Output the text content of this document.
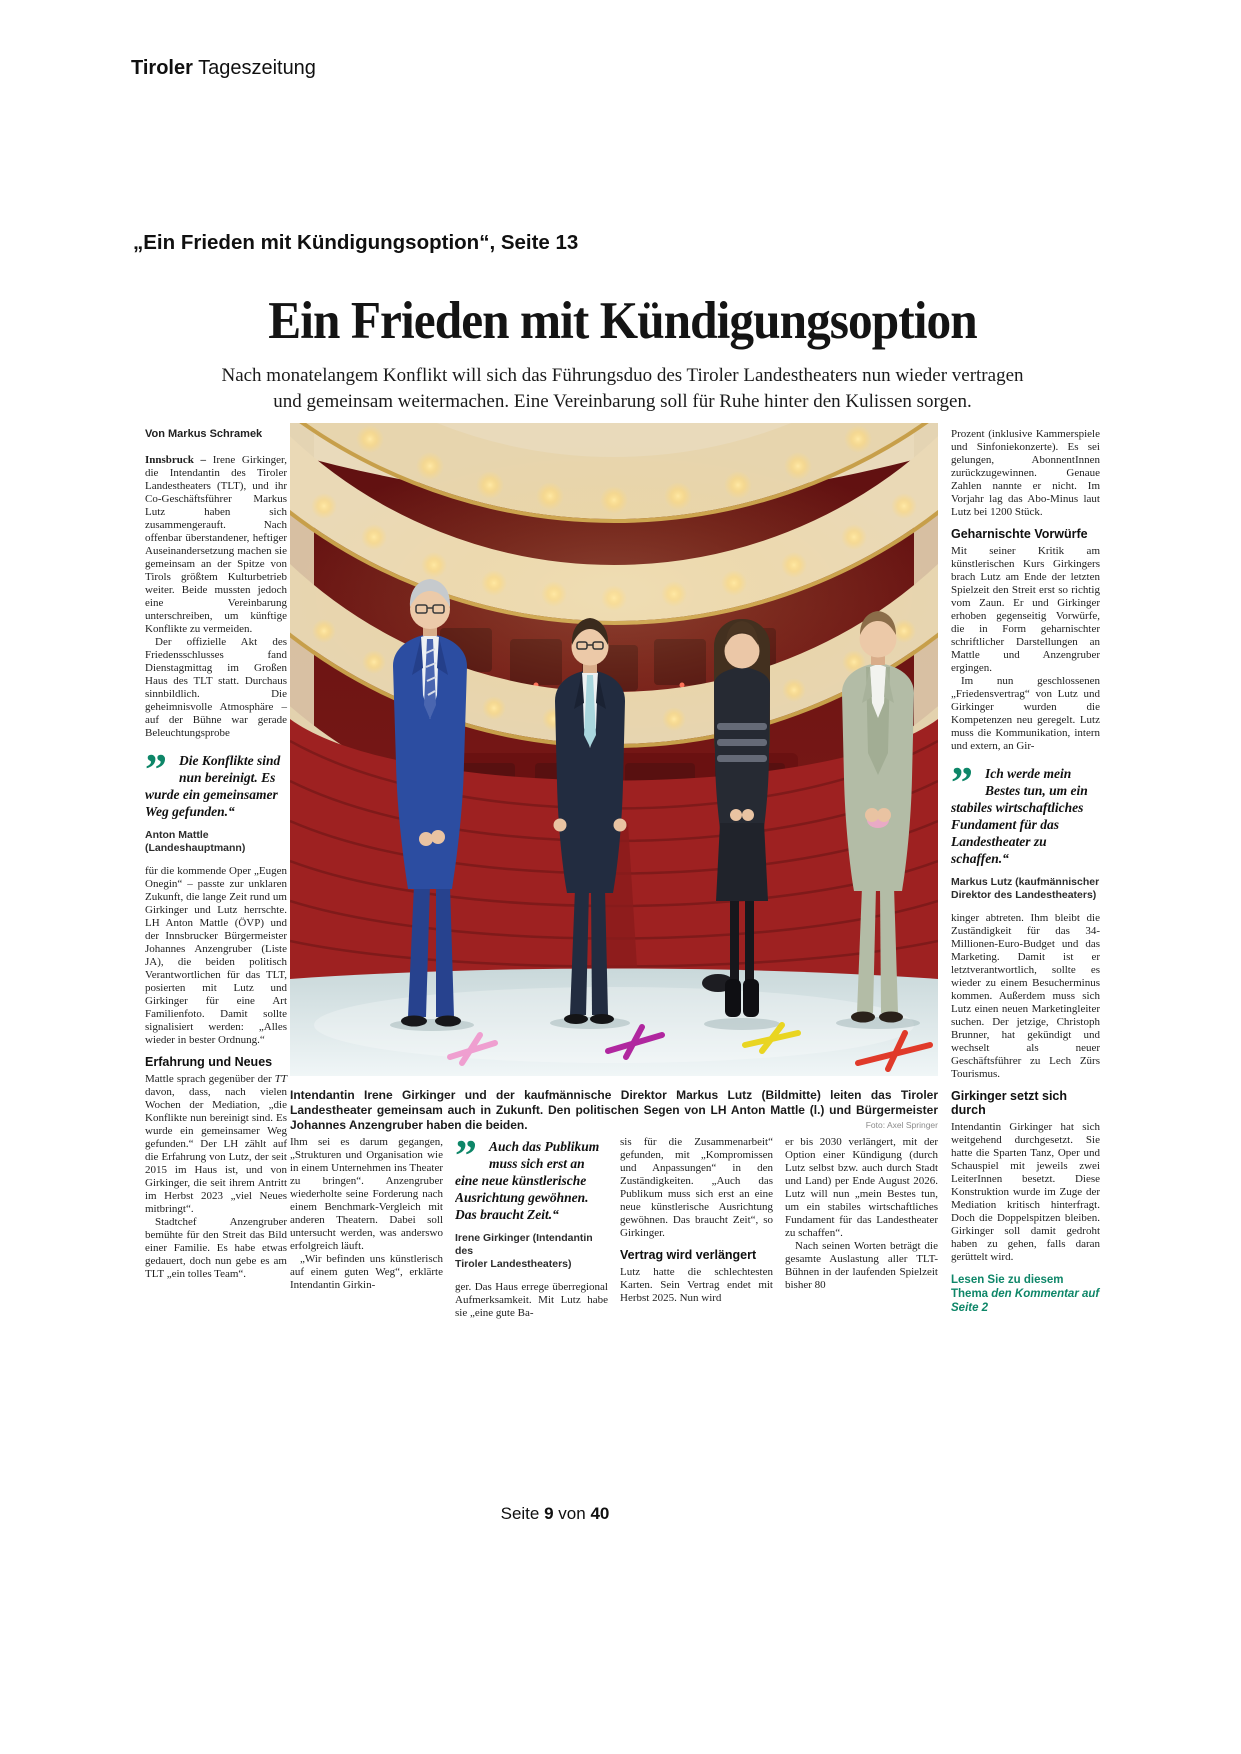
Tiroler Tageszeitung
„Ein Frieden mit Kündigungsoption“, Seite 13
Ein Frieden mit Kündigungsoption
Nach monatelangem Konflikt will sich das Führungsduo des Tiroler Landestheaters nun wieder vertragen
und gemeinsam weitermachen. Eine Vereinbarung soll für Ruhe hinter den Kulissen sorgen.
Von Markus Schramek

Innsbruck – Irene Girkinger, die Intendantin des Tiroler Landestheaters (TLT), und ihr Co-Geschäftsführer Markus Lutz haben sich zusammengerauft. Nach offenbar überstandener, heftiger Auseinandersetzung machen sie gemeinsam an der Spitze von Tirols größtem Kulturbetrieb weiter. Beide mussten jedoch eine Vereinbarung unterschreiben, um künftige Konflikte zu vermeiden.

Der offizielle Akt des Friedensschlusses fand Dienstagmittag im Großen Haus des TLT statt. Durchaus sinnbildlich. Die geheimnisvolle Atmosphäre – auf der Bühne war gerade Beleuchtungsprobe

”	Die Konflikte sind nun bereinigt. Es wurde ein gemeinsamer Weg gefunden.“
Anton Mattle
(Landeshauptmann)

für die kommende Oper „Eugen Onegin“ – passte zur unklaren Zukunft, die lange Zeit rund um Girkinger und Lutz herrschte. LH Anton Mattle (ÖVP) und der Innsbrucker Bürgermeister Johannes Anzengruber (Liste JA), die beiden politisch Verantwortlichen für das TLT, posierten mit Lutz und Girkinger für eine Art Familienfoto. Damit sollte signalisiert werden: „Alles wieder in bester Ordnung.“

Erfahrung und Neues

Mattle sprach gegenüber der TT davon, dass, nach vielen Wochen der Mediation, „die Konflikte nun bereinigt sind. Es wurde ein gemeinsamer Weg gefunden.“ Der LH zählt auf die Erfahrung von Lutz, der seit 2015 im Haus ist, und von Girkinger, die seit ihrem Antritt im Herbst 2023 „viel Neues mitbringt“.

Stadtchef Anzengruber bemühte für den Streit das Bild einer Familie. Es habe etwas gedauert, doch nun gebe es am TLT „ein tolles Team“.

Intendantin Irene Girkinger und der kaufmännische Direktor Markus Lutz (Bildmitte) leiten das Tiroler Landestheater gemeinsam auch in Zukunft. Den politischen Segen von LH Anton Mattle (l.) und Bürgermeister Johannes Anzengruber haben die beiden.	Foto: Axel Springer

Ihm sei es darum gegangen, „Strukturen und Organisation wie in einem Unternehmen ins Theater zu bringen“. Anzengruber wiederholte seine Forderung nach einem Benchmark-Vergleich mit anderen Theatern. Dabei soll untersucht werden, was anderswo erfolgreich läuft.

„Wir befinden uns künstlerisch auf einem guten Weg“, erklärte Intendantin Girkin-

”	Auch das Publikum muss sich erst an eine neue künstlerische Ausrichtung gewöhnen. Das braucht Zeit.“
Irene Girkinger (Intendantin des
Tiroler Landestheaters)

ger. Das Haus errege überregional Aufmerksamkeit. Mit Lutz habe sie „eine gute Ba-

sis für die Zusammenarbeit“ gefunden, mit „Kompromissen und Anpassungen“ in den Zuständigkeiten. „Auch das Publikum muss sich erst an eine neue künstlerische Ausrichtung gewöhnen. Das braucht Zeit“, so Girkinger.

Vertrag wird verlängert

Lutz hatte die schlechtesten Karten. Sein Vertrag endet mit Herbst 2025. Nun wird

er bis 2030 verlängert, mit der Option einer Kündigung (durch Lutz selbst bzw. auch durch Stadt und Land) per Ende August 2026. Lutz will nun „mein Bestes tun, um ein stabiles wirtschaftliches Fundament für das Landestheater zu schaffen“.

Nach seinen Worten beträgt die gesamte Auslastung aller TLT-Bühnen in der laufenden Spielzeit bisher 80

Prozent (inklusive Kammerspiele und Sinfoniekonzerte). Es sei gelungen, AbonnentInnen zurückzugewinnen. Genaue Zahlen nannte er nicht. Im Vorjahr lag das Abo-Minus laut Lutz bei 1200 Stück.

Geharnischte Vorwürfe

Mit seiner Kritik am künstlerischen Kurs Girkingers brach Lutz am Ende der letzten Spielzeit den Streit erst so richtig vom Zaun. Er und Girkinger erhoben gegenseitig Vorwürfe, die in Form geharnischter schriftlicher Darstellungen an Mattle und Anzengruber ergingen.

Im nun geschlossenen „Friedensvertrag“ von Lutz und Girkinger wurden die Kompetenzen neu geregelt. Lutz muss die Kommunikation, intern und extern, an Gir-

”	Ich werde mein Bestes tun, um ein stabiles wirtschaftliches Fundament für das Landestheater zu schaffen.“
Markus Lutz (kaufmännischer
Direktor des Landestheaters)

kinger abtreten. Ihm bleibt die Zuständigkeit für das 34-Millionen-Euro-Budget und das Marketing. Damit ist er letztverantwortlich, sollte es wieder zu einem Besucherminus kommen. Außerdem muss sich Lutz einen neuen Marketingleiter suchen. Der jetzige, Christoph Brunner, hat gekündigt und wechselt als neuer Geschäftsführer zu Lech Zürs Tourismus.

Girkinger setzt sich durch

Intendantin Girkinger hat sich weitgehend durchgesetzt. Sie hatte die Sparten Tanz, Oper und Schauspiel mit jeweils zwei LeiterInnen besetzt. Diese Konstruktion wurde im Zuge der Mediation kritisch hinterfragt. Doch die Doppelspitzen bleiben. Girkinger soll damit gedroht haben zu gehen, falls daran gerüttelt wird.

Lesen Sie zu diesem Thema den Kommentar auf Seite 2
Seite 9 von 40
